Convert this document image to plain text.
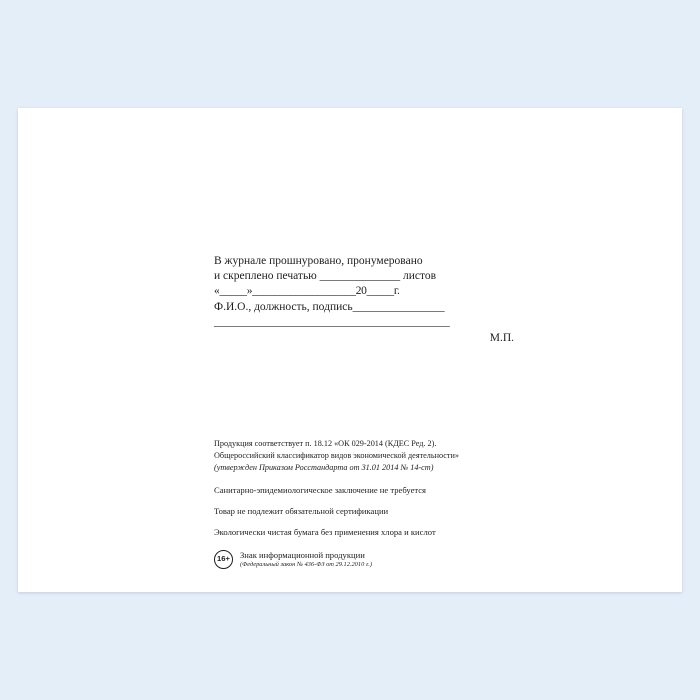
В журнале прошнуровано, пронумеровано
и скреплено печатью ______________ листов
«_____»___________________20_____г.
Ф.И.О., должность, подпись________________
_________________________________________
М.П.
Продукция соответствует п. 18.12 «ОК 029-2014 (КДЕС Ред. 2).
Общероссийский классификатор видов экономической деятельности»
(утвержден Приказом Росстандарта от 31.01 2014 № 14-ст)
Санитарно-эпидемиологическое заключение не требуется
Товар не подлежит обязательной сертификации
Экологически чистая бумага без применения хлора и кислот
16+	Знак информационной продукции
(Федеральный закон № 436-ФЗ от 29.12.2010 г.)
